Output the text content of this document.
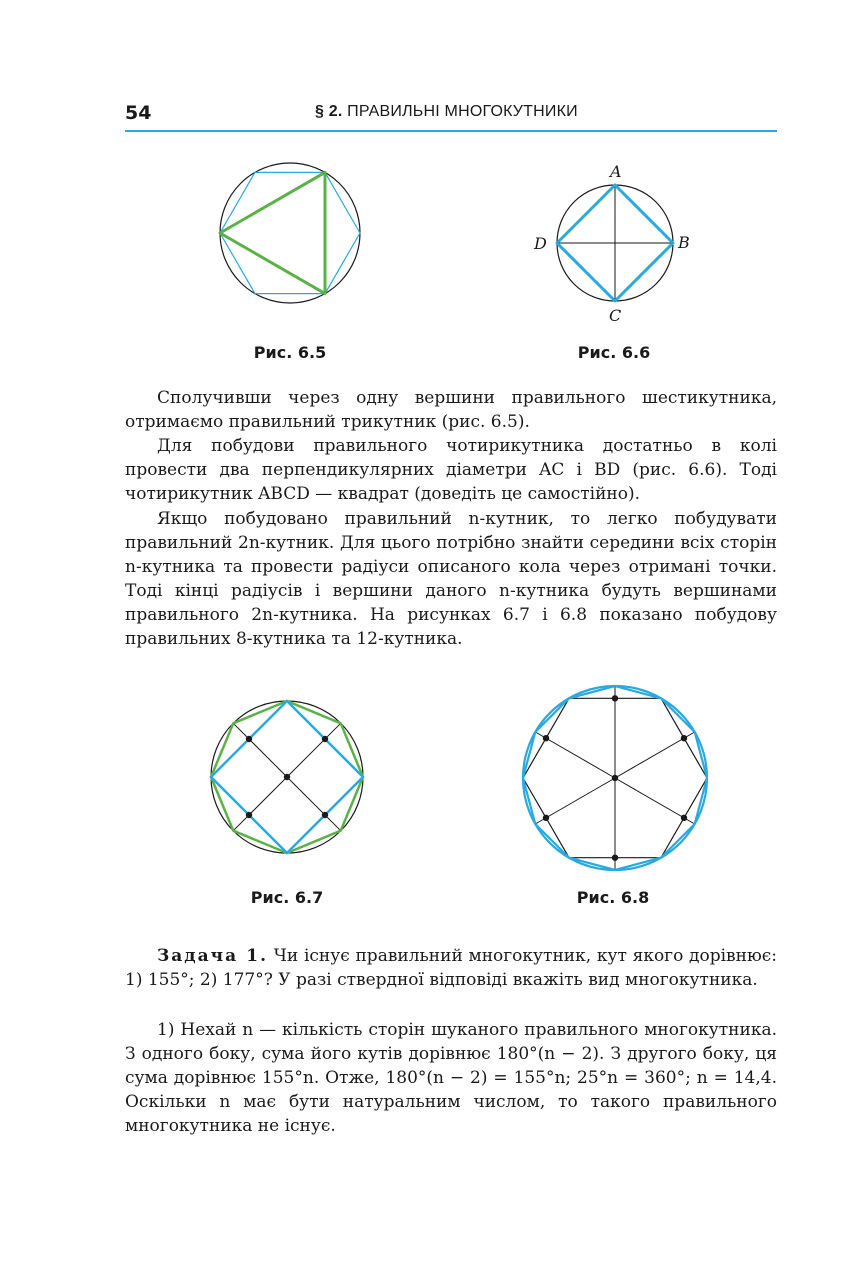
54	§ 2. ПРАВИЛЬНІ МНОГОКУТНИКИ
Рис. 6.5
A
B
C
D
Рис. 6.6

Сполучивши через одну вершини правильного шестикутника, отримаємо правильний трикутник (рис. 6.5).

Для побудови правильного чотирикутника достатньо в колі провести два перпендикулярних діаметри AC і BD (рис. 6.6). Тоді чотирикутник ABCD — квадрат (доведіть це самостійно).

Якщо побудовано правильний n-кутник, то легко побудувати правильний 2n-кутник. Для цього потрібно знайти середини всіх сторін n-кутника та провести радіуси описаного кола через отримані точки. Тоді кінці радіусів і вершини даного n-кутника будуть вершинами правильного 2n-кутника. На рисунках 6.7 і 6.8 показано побудову правильних 8-кутника та 12-кутника.

Рис. 6.7	Рис. 6.8

Задача 1. Чи існує правильний многокутник, кут якого дорівнює: 1) 155°; 2) 177°? У разі ствердної відповіді вкажіть вид многокутника.

1) Нехай n — кількість сторін шуканого правильного многокутника. З одного боку, сума його кутів дорівнює 180°(n − 2). З другого боку, ця сума дорівнює 155°n. Отже, 180°(n − 2) = 155°n; 25°n = 360°; n = 14,4. Оскільки n має бути натуральним числом, то такого правильного многокутника не існує.
